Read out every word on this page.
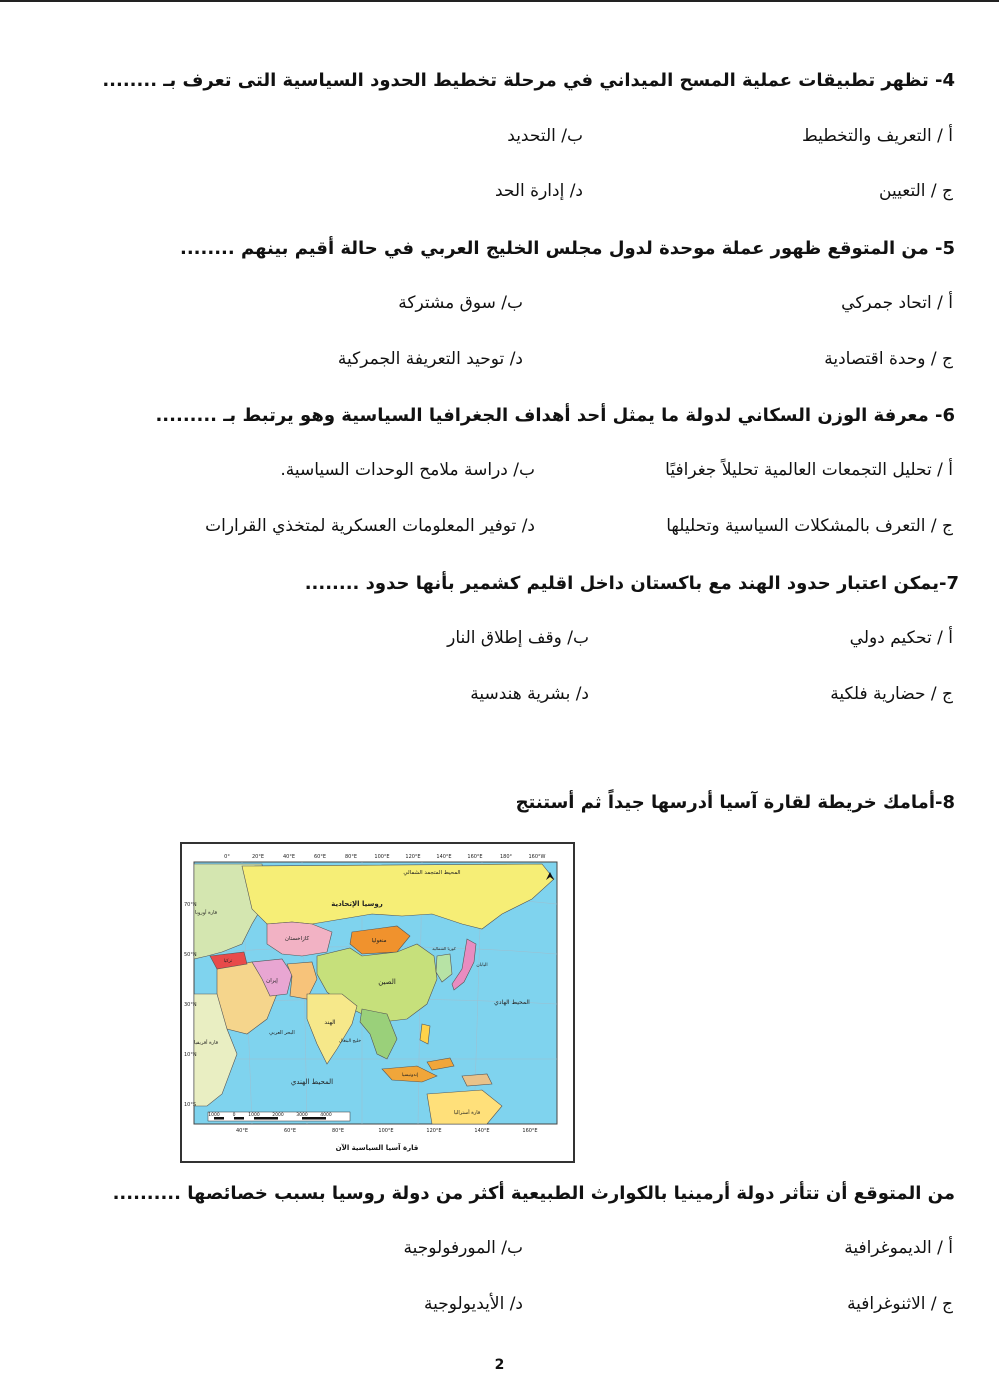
4- تظهر تطبيقات عملية المسح الميداني في مرحلة تخطيط الحدود السياسية التى تعرف بـ ........
أ / التعريف والتخطيط
ب/ التحديد
ج / التعيين
د/ إدارة الحد
5- من المتوقع ظهور عملة موحدة لدول مجلس الخليج العربي في حالة أقيم بينهم ........
أ / اتحاد جمركي
ب/ سوق مشتركة
ج / وحدة اقتصادية
د/ توحيد التعريفة الجمركية
6- معرفة الوزن السكاني لدولة ما يمثل أحد أهداف الجغرافيا السياسية وهو يرتبط بـ .........
أ / تحليل التجمعات العالمية تحليلاً جغرافيًا
ب/ دراسة ملامح الوحدات السياسية.
ج / التعرف بالمشكلات السياسية وتحليلها
د/ توفير المعلومات العسكرية لمتخذي القرارات
7-يمكن اعتبار حدود الهند مع باكستان داخل اقليم كشمير بأنها حدود ........
أ / تحكيم دولي
ب/ وقف إطلاق النار
ج / حضارية فلكية
د/ بشرية هندسية
8-أمامك خريطة لقارة آسيا أدرسها جيداً ثم أستنتج
0°	20°E	40°E	60°E	80°E	100°E	120°E	140°E	160°E	180°	160°W
70°N
50°N
30°N
10°N
10°S
40°E	60°E	80°E	100°E	120°E	140°E	160°E
1000	0	1000	2000	3000	4000
المحيط المتجمد الشمالي
روسيا الإتحادية
كازاخستان	منغوليا
الصين
إيران
الهند
البحر العربي
المحيط الهندي
المحيط الهادي
خليج البنغال
قارة أوروبا
قارة أفريقيا
قارة أستراليا
تركيا
كوريا الشمالية
اليابان
إندونيسيا
قارة آسيا السياسية الآن
من المتوقع أن تتأثر دولة أرمينيا بالكوارث الطبيعية أكثر من دولة روسيا بسبب خصائصها ..........
أ / الديموغرافية
ب/ المورفولوجية
ج / الاثنوغرافية
د/ الأيديولوجية
2
